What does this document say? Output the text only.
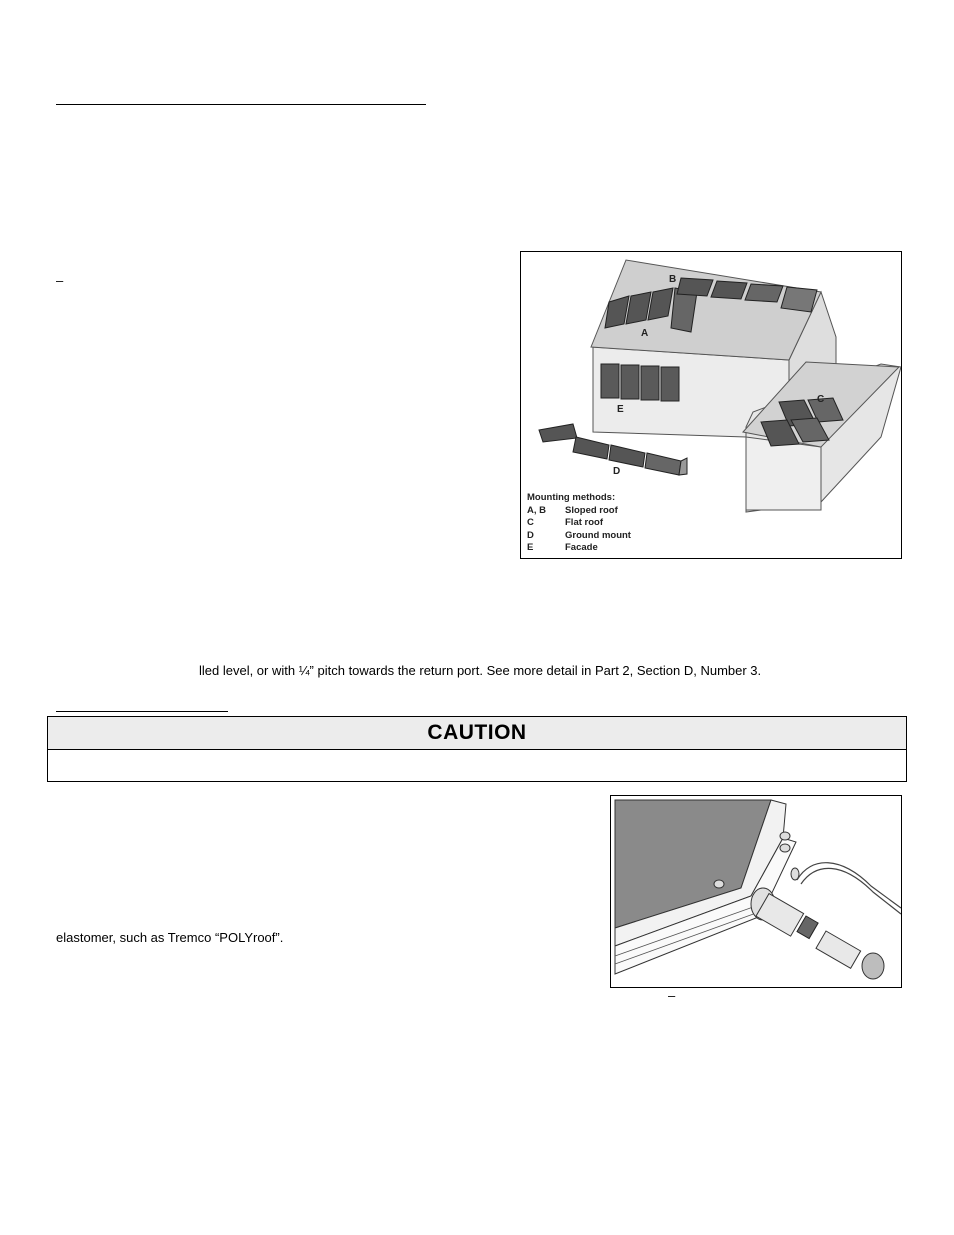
–	B
A
E
C
D
Mounting methods:
A, B	Sloped roof
C	Flat roof
D	Ground mount
E	Facade
lled level, or with ¼” pitch towards the return port. See more detail in Part 2, Section D, Number 3.
CAUTION
elastomer, such as Tremco “POLYroof”.
–
